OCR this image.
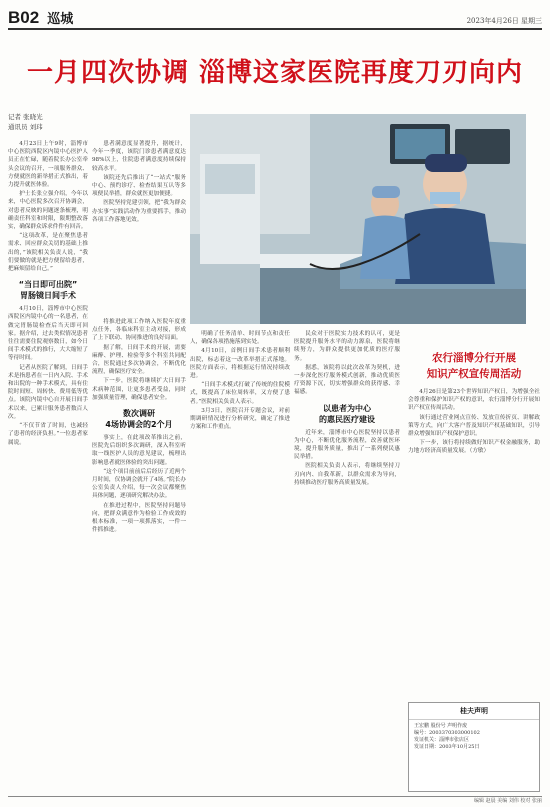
B02 巡城	2023年4月26日 星期三
一月四次协调 淄博这家医院再度刀刃向内
记者 张晓光
通讯员 刘玮

4月23日上午9时，淄博市中心医院西院区内镜中心医护人员正在忙碌，随着院长办公室牵头会议的召开，一项服务群众、方便就医的新举措正式推出，着力提升就医体验。

护士长张立强介绍，今年以来，中心医院多次召开协调会，对患者反映的问题逐条梳理，明确责任科室和时限，限期整改落实，确保群众诉求件件有回音。

“这项改革，是在聚焦患者需求、回应群众关切的基础上推出的，”该院相关负责人说，“我们要做的就是把方便留给患者，把麻烦留给自己。”

“当日即可出院”
胃肠镜日间手术

4月10日，淄博市中心医院西院区内镜中心的一名患者，在做完胃肠镜检查后当天即可回家。据介绍，过去类似情况患者往往需要住院观察数日，如今日间手术模式的推行，大大缩短了等待时间。

记者从医院了解到，日间手术是指患者在一日内入院、手术和出院的一种手术模式，具有住院时间短、周转快、费用低等优点。该院内镜中心自开展日间手术以来，已累计服务患者数百人次。

“不仅节省了时间，也减轻了患者的经济负担。”一位患者家属说。

将推进此项工作纳入医院年度重点任务，各临床科室主动对接，形成了上下联动、协同推进的良好局面。

据了解，日间手术的开展，需要麻醉、护理、检验等多个科室共同配合，医院通过多次协调会，不断优化流程，确保医疗安全。

下一步，医院将继续扩大日间手术病种范围，让更多患者受益，同时加强质量管理，确保患者安全。

数次调研
4场协调会的2个月

事实上，在此项改革推出之前，医院先后组织多次调研，深入科室听取一线医护人员的意见建议，梳理出影响患者就医体验的突出问题。

“这个项目前前后后经历了近两个月时间，仅协调会就开了4场。”院长办公室负责人介绍，每一次会议都聚焦具体问题，逐项研究解决办法。

在推进过程中，医院坚持问题导向，把群众满意作为检验工作成效的根本标准，一项一项抓落实，一件一件抓推进。

明确了任务清单、时间节点和责任人，确保各项措施落到实处。

4月10日，首例日间手术患者顺利出院，标志着这一改革举措正式落地。医院方面表示，将根据运行情况持续改进。

“日间手术模式打破了传统的住院模式，既提高了床位周转率，又方便了患者。”医院相关负责人表示。

3月3日，医院召开专题会议，对前期调研情况进行分析研究，确定了推进方案和工作重点。

民众对于医院实力技术的认可，更是医院提升服务水平的动力源泉，医院将继续努力，为群众提供更加优质的医疗服务。

据悉，该院将以此次改革为契机，进一步深化医疗服务模式创新，推动优质医疗资源下沉，切实增强群众的获得感、幸福感。

以患者为中心
的惠民医疗建设

近年来，淄博市中心医院坚持以患者为中心，不断优化服务流程，改善就医环境，提升服务质量，推出了一系列便民惠民举措。

医院相关负责人表示，将继续坚持刀刃向内、自我革新，以群众需求为导向，持续推动医疗服务高质量发展。

患者满意度显著提升，据统计，今年一季度，该院门诊患者满意度达98%以上，住院患者满意度持续保持较高水平。

该院还先后推出了“一站式”服务中心、预约诊疗、检查结果互认等多项便民举措，群众就医更加便捷。

医院坚持党建引领，把“我为群众办实事”实践活动作为重要抓手，推动各项工作落地见效。

农行淄博分行开展
知识产权宣传周活动

4月26日是第23个世界知识产权日，为增强全社会尊重和保护知识产权的意识，农行淄博分行开展知识产权宣传周活动。

该行通过营业网点宣传、发放宣传折页、讲解政策等方式，向广大客户普及知识产权基础知识，引导群众增强知识产权保护意识。

下一步，该行将持续做好知识产权金融服务，助力地方经济高质量发展。（方敏）

桂夫声明
王宏鹏 股份号 声明作废
编号：2003370303000102
发证机关：淄博市张店区
发证日期：2003年10月25日
编辑 赵晨 美编 刘伟 校对 张丽
